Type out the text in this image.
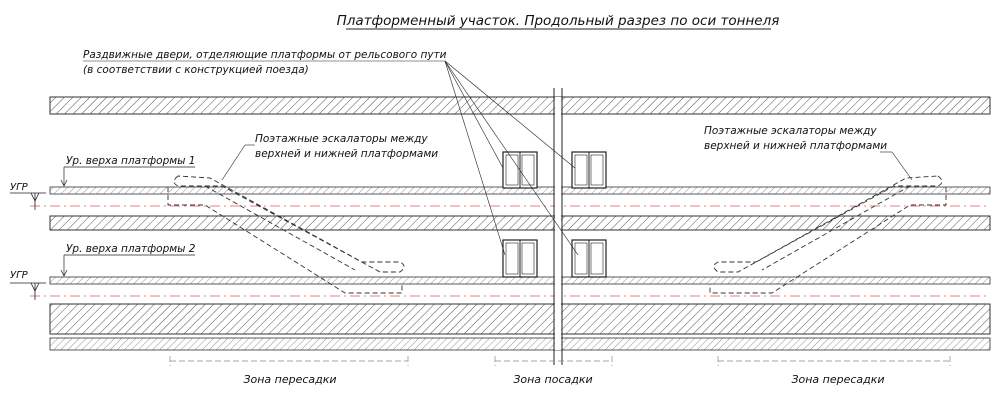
Платформенный участок. Продольный разрез по оси тоннеля
УГР
УГР
Ур. верха платформы 1
Ур. верха платформы 2
Раздвижные двери, отделяющие платформы от рельсового пути
(в соответствии с конструкцией поезда)
Поэтажные эскалаторы между
верхней и нижней платформами
Поэтажные эскалаторы между
верхней и нижней платформами
Зона пересадки	Зона посадки	Зона пересадки
